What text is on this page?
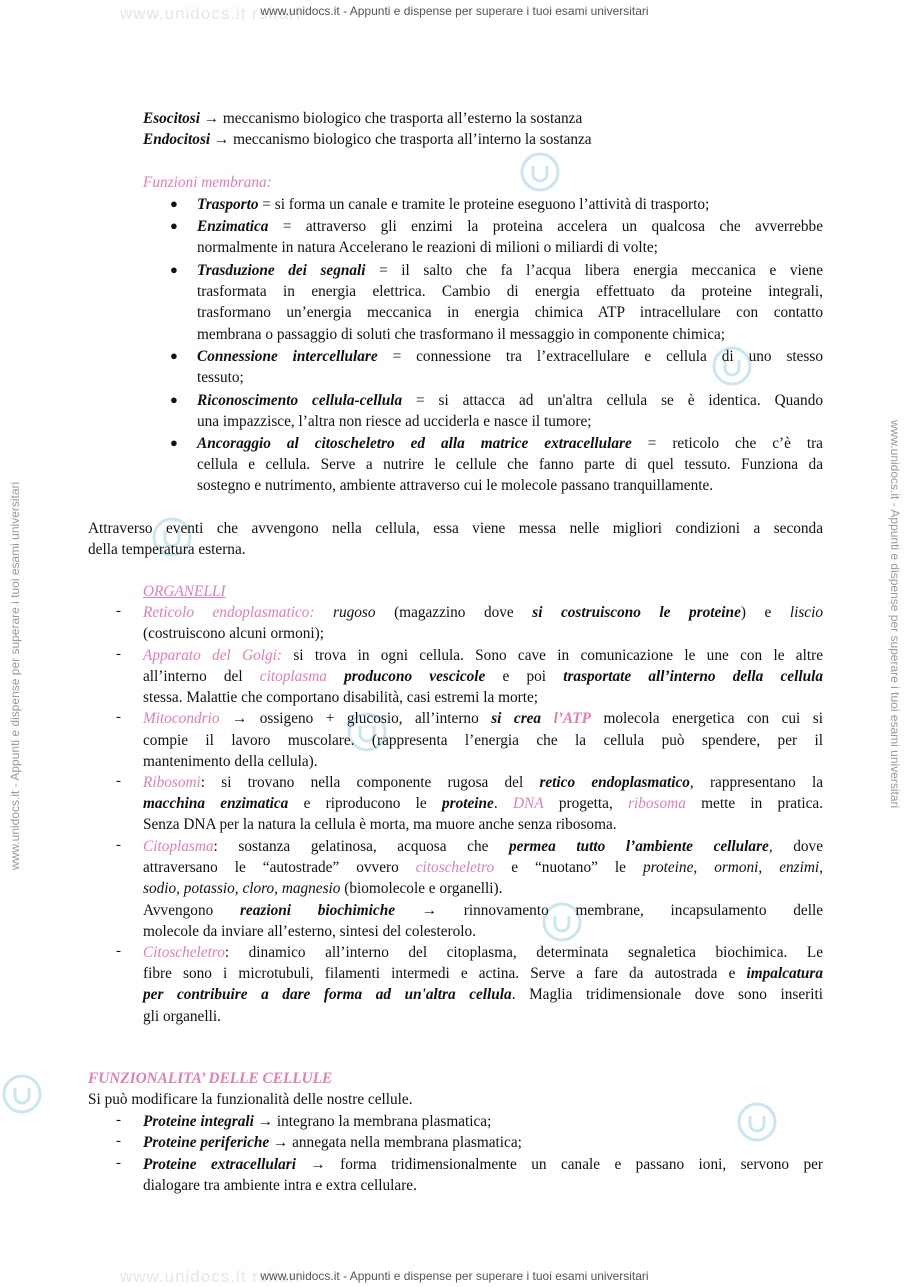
www.unidocs.it rsitari
www.unidocs.it - Appunti e dispense per superare i tuoi esami universitari
www.unidocs.it rsitari
www.unidocs.it - Appunti e dispense per superare i tuoi esami universitari
www.unidocs.it - Appunti e dispense per superare i tuoi esami universitari	www.unidocs.it - Appunti e dispense per superare i tuoi esami universitari
Esocitosi → meccanismo biologico che trasporta all’esterno la sostanza
Endocitosi → meccanismo biologico che trasporta all’interno la sostanza
Funzioni membrana:
● Trasporto = si forma un canale e tramite le proteine eseguono l’attività di trasporto;
● Enzimatica = attraverso gli enzimi la proteina accelera un qualcosa che avverrebbe
normalmente in natura Accelerano le reazioni di milioni o miliardi di volte;
● Trasduzione dei segnali = il salto che fa l’acqua libera energia meccanica e viene
trasformata in energia elettrica. Cambio di energia effettuato da proteine integrali,
trasformano un’energia meccanica in energia chimica ATP intracellulare con contatto
membrana o passaggio di soluti che trasformano il messaggio in componente chimica;
● Connessione intercellulare = connessione tra l’extracellulare e cellula di uno stesso
tessuto;
● Riconoscimento cellula-cellula = si attacca ad un'altra cellula se è identica. Quando
una impazzisce, l’altra non riesce ad ucciderla e nasce il tumore;
● Ancoraggio al citoscheletro ed alla matrice extracellulare = reticolo che c’è tra
cellula e cellula. Serve a nutrire le cellule che fanno parte di quel tessuto. Funziona da
sostegno e nutrimento, ambiente attraverso cui le molecole passano tranquillamente.
Attraverso eventi che avvengono nella cellula, essa viene messa nelle migliori condizioni a seconda
della temperatura esterna.
ORGANELLI
- Reticolo endoplasmatico: rugoso (magazzino dove si costruiscono le proteine) e liscio
(costruiscono alcuni ormoni);
- Apparato del Golgi: si trova in ogni cellula. Sono cave in comunicazione le une con le altre
all’interno del citoplasma producono vescicole e poi trasportate all’interno della cellula
stessa. Malattie che comportano disabilità, casi estremi la morte;
- Mitocondrio → ossigeno + glucosio, all’interno si crea l’ATP molecola energetica con cui si
compie il lavoro muscolare. (rappresenta l’energia che la cellula può spendere, per il
mantenimento della cellula).
- Ribosomi: si trovano nella componente rugosa del retico endoplasmatico, rappresentano la
macchina enzimatica e riproducono le proteine. DNA progetta, ribosoma mette in pratica.
Senza DNA per la natura la cellula è morta, ma muore anche senza ribosoma.
- Citoplasma: sostanza gelatinosa, acquosa che permea tutto l’ambiente cellulare, dove
attraversano le “autostrade” ovvero citoscheletro e “nuotano” le proteine, ormoni, enzimi,
sodio, potassio, cloro, magnesio (biomolecole e organelli).
Avvengono reazioni biochimiche → rinnovamento membrane, incapsulamento delle
molecole da inviare all’esterno, sintesi del colesterolo.
- Citoscheletro: dinamico all’interno del citoplasma, determinata segnaletica biochimica. Le
fibre sono i microtubuli, filamenti intermedi e actina. Serve a fare da autostrada e impalcatura
per contribuire a dare forma ad un'altra cellula. Maglia tridimensionale dove sono inseriti
gli organelli.
FUNZIONALITA’ DELLE CELLULE
Si può modificare la funzionalità delle nostre cellule.
- Proteine integrali → integrano la membrana plasmatica;
- Proteine periferiche → annegata nella membrana plasmatica;
- Proteine extracellulari → forma tridimensionalmente un canale e passano ioni, servono per
dialogare tra ambiente intra e extra cellulare.
